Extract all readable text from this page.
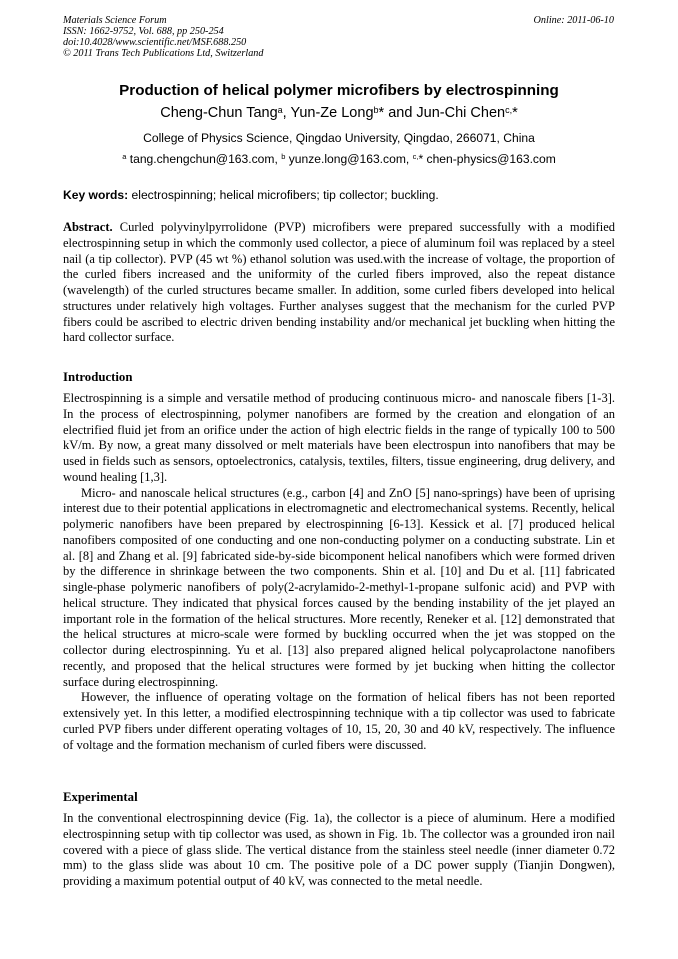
Materials Science Forum
ISSN: 1662-9752, Vol. 688, pp 250-254
doi:10.4028/www.scientific.net/MSF.688.250
© 2011 Trans Tech Publications Ltd, Switzerland
Online: 2011-06-10
Production of helical polymer microfibers by electrospinning
Cheng-Chun Tang$^a$, Yun-Ze Long$^b$* and Jun-Chi Chen$^{c,}$*
College of Physics Science, Qingdao University, Qingdao, 266071, China
$^a$ tang.chengchun@163.com, $^b$ yunze.long@163.com, $^{c,}$* chen-physics@163.com
Key words: electrospinning; helical microfibers; tip collector; buckling.
Abstract. Curled polyvinylpyrrolidone (PVP) microfibers were prepared successfully with a modified electrospinning setup in which the commonly used collector, a piece of aluminum foil was replaced by a steel nail (a tip collector). PVP (45 wt %) ethanol solution was used.with the increase of voltage, the proportion of the curled fibers increased and the uniformity of the curled fibers improved, also the repeat distance (wavelength) of the curled structures became smaller. In addition, some curled fibers developed into helical structures under relatively high voltages. Further analyses suggest that the mechanism for the curled PVP fibers could be ascribed to electric driven bending instability and/or mechanical jet buckling when hitting the hard collector surface.
Introduction

Electrospinning is a simple and versatile method of producing continuous micro- and nanoscale fibers [1-3]. In the process of electrospinning, polymer nanofibers are formed by the creation and elongation of an electrified fluid jet from an orifice under the action of high electric fields in the range of typically 100 to 500 kV/m. By now, a great many dissolved or melt materials have been electrospun into nanofibers that may be used in fields such as sensors, optoelectronics, catalysis, textiles, filters, tissue engineering, drug delivery, and wound healing [1,3].

Micro- and nanoscale helical structures (e.g., carbon [4] and ZnO [5] nano-springs) have been of uprising interest due to their potential applications in electromagnetic and electromechanical systems. Recently, helical polymeric nanofibers have been prepared by electrospinning [6-13]. Kessick et al. [7] produced helical nanofibers composited of one conducting and one non-conducting polymer on a conducting substrate. Lin et al. [8] and Zhang et al. [9] fabricated side-by-side bicomponent helical nanofibers which were formed driven by the difference in shrinkage between the two components. Shin et al. [10] and Du et al. [11] fabricated single-phase polymeric nanofibers of poly(2-acrylamido-2-methyl-1-propane sulfonic acid) and PVP with helical structure. They indicated that physical forces caused by the bending instability of the jet played an important role in the formation of the helical structures. More recently, Reneker et al. [12] demonstrated that the helical structures at micro-scale were formed by buckling occurred when the jet was stopped on the collector during electrospinning. Yu et al. [13] also prepared aligned helical polycaprolactone nanofibers recently, and proposed that the helical structures were formed by jet bucking when hitting the collector surface during electrospinning.

However, the influence of operating voltage on the formation of helical fibers has not been reported extensively yet. In this letter, a modified electrospinning technique with a tip collector was used to fabricate curled PVP fibers under different operating voltages of 10, 15, 20, 30 and 40 kV, respectively. The influence of voltage and the formation mechanism of curled fibers were discussed.

Experimental

In the conventional electrospinning device (Fig. 1a), the collector is a piece of aluminum. Here a modified electrospinning setup with tip collector was used, as shown in Fig. 1b. The collector was a grounded iron nail covered with a piece of glass slide. The vertical distance from the stainless steel needle (inner diameter 0.72 mm) to the glass slide was about 10 cm. The positive pole of a DC power supply (Tianjin Dongwen), providing a maximum potential output of 40 kV, was connected to the metal needle.
